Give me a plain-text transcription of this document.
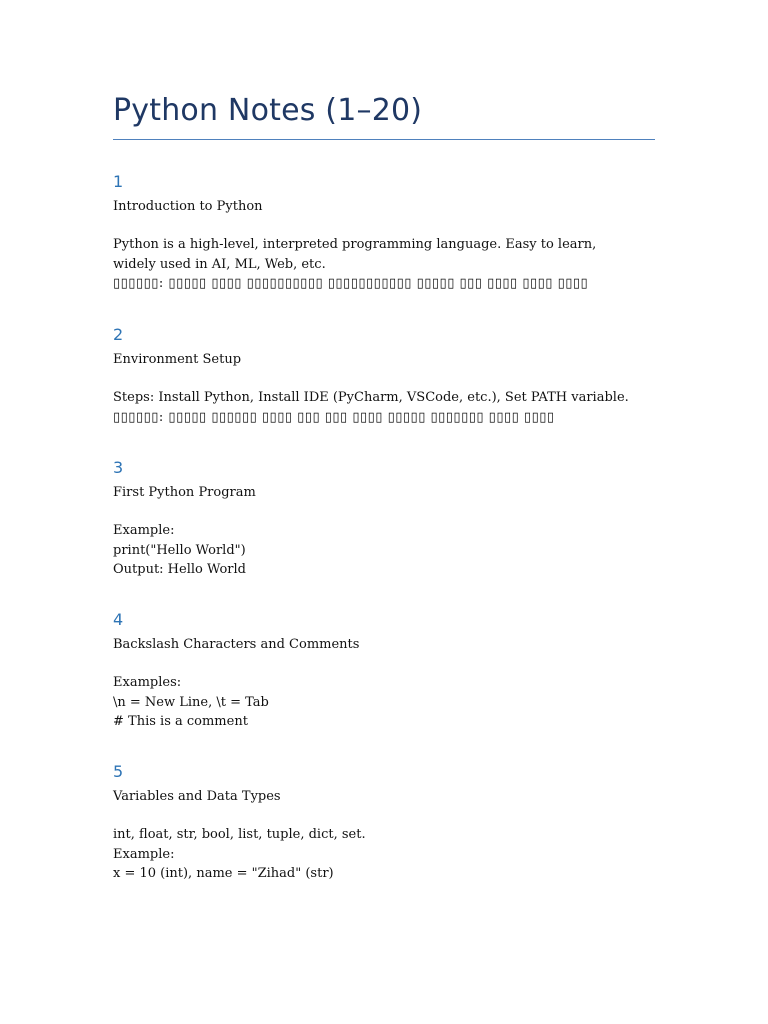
Python Notes (1–20)
1
Introduction to Python
Python is a high-level, interpreted programming language. Easy to learn, widely used in AI, ML, Web, etc.
▯▯▯▯▯▯: ▯▯▯▯▯ ▯▯▯▯ ▯▯▯▯▯▯▯▯▯▯ ▯▯▯▯▯▯▯▯▯▯▯ ▯▯▯▯▯ ▯▯▯ ▯▯▯▯ ▯▯▯▯ ▯▯▯▯
2
Environment Setup
Steps: Install Python, Install IDE (PyCharm, VSCode, etc.), Set PATH variable.
▯▯▯▯▯▯: ▯▯▯▯▯ ▯▯▯▯▯▯ ▯▯▯▯ ▯▯▯ ▯▯▯ ▯▯▯▯ ▯▯▯▯▯ ▯▯▯▯▯▯▯ ▯▯▯▯ ▯▯▯▯
3
First Python Program
Example:
print("Hello World")
Output: Hello World
4
Backslash Characters and Comments
Examples:
\n = New Line, \t = Tab
# This is a comment
5
Variables and Data Types
int, float, str, bool, list, tuple, dict, set.
Example:
x = 10 (int), name = "Zihad" (str)
